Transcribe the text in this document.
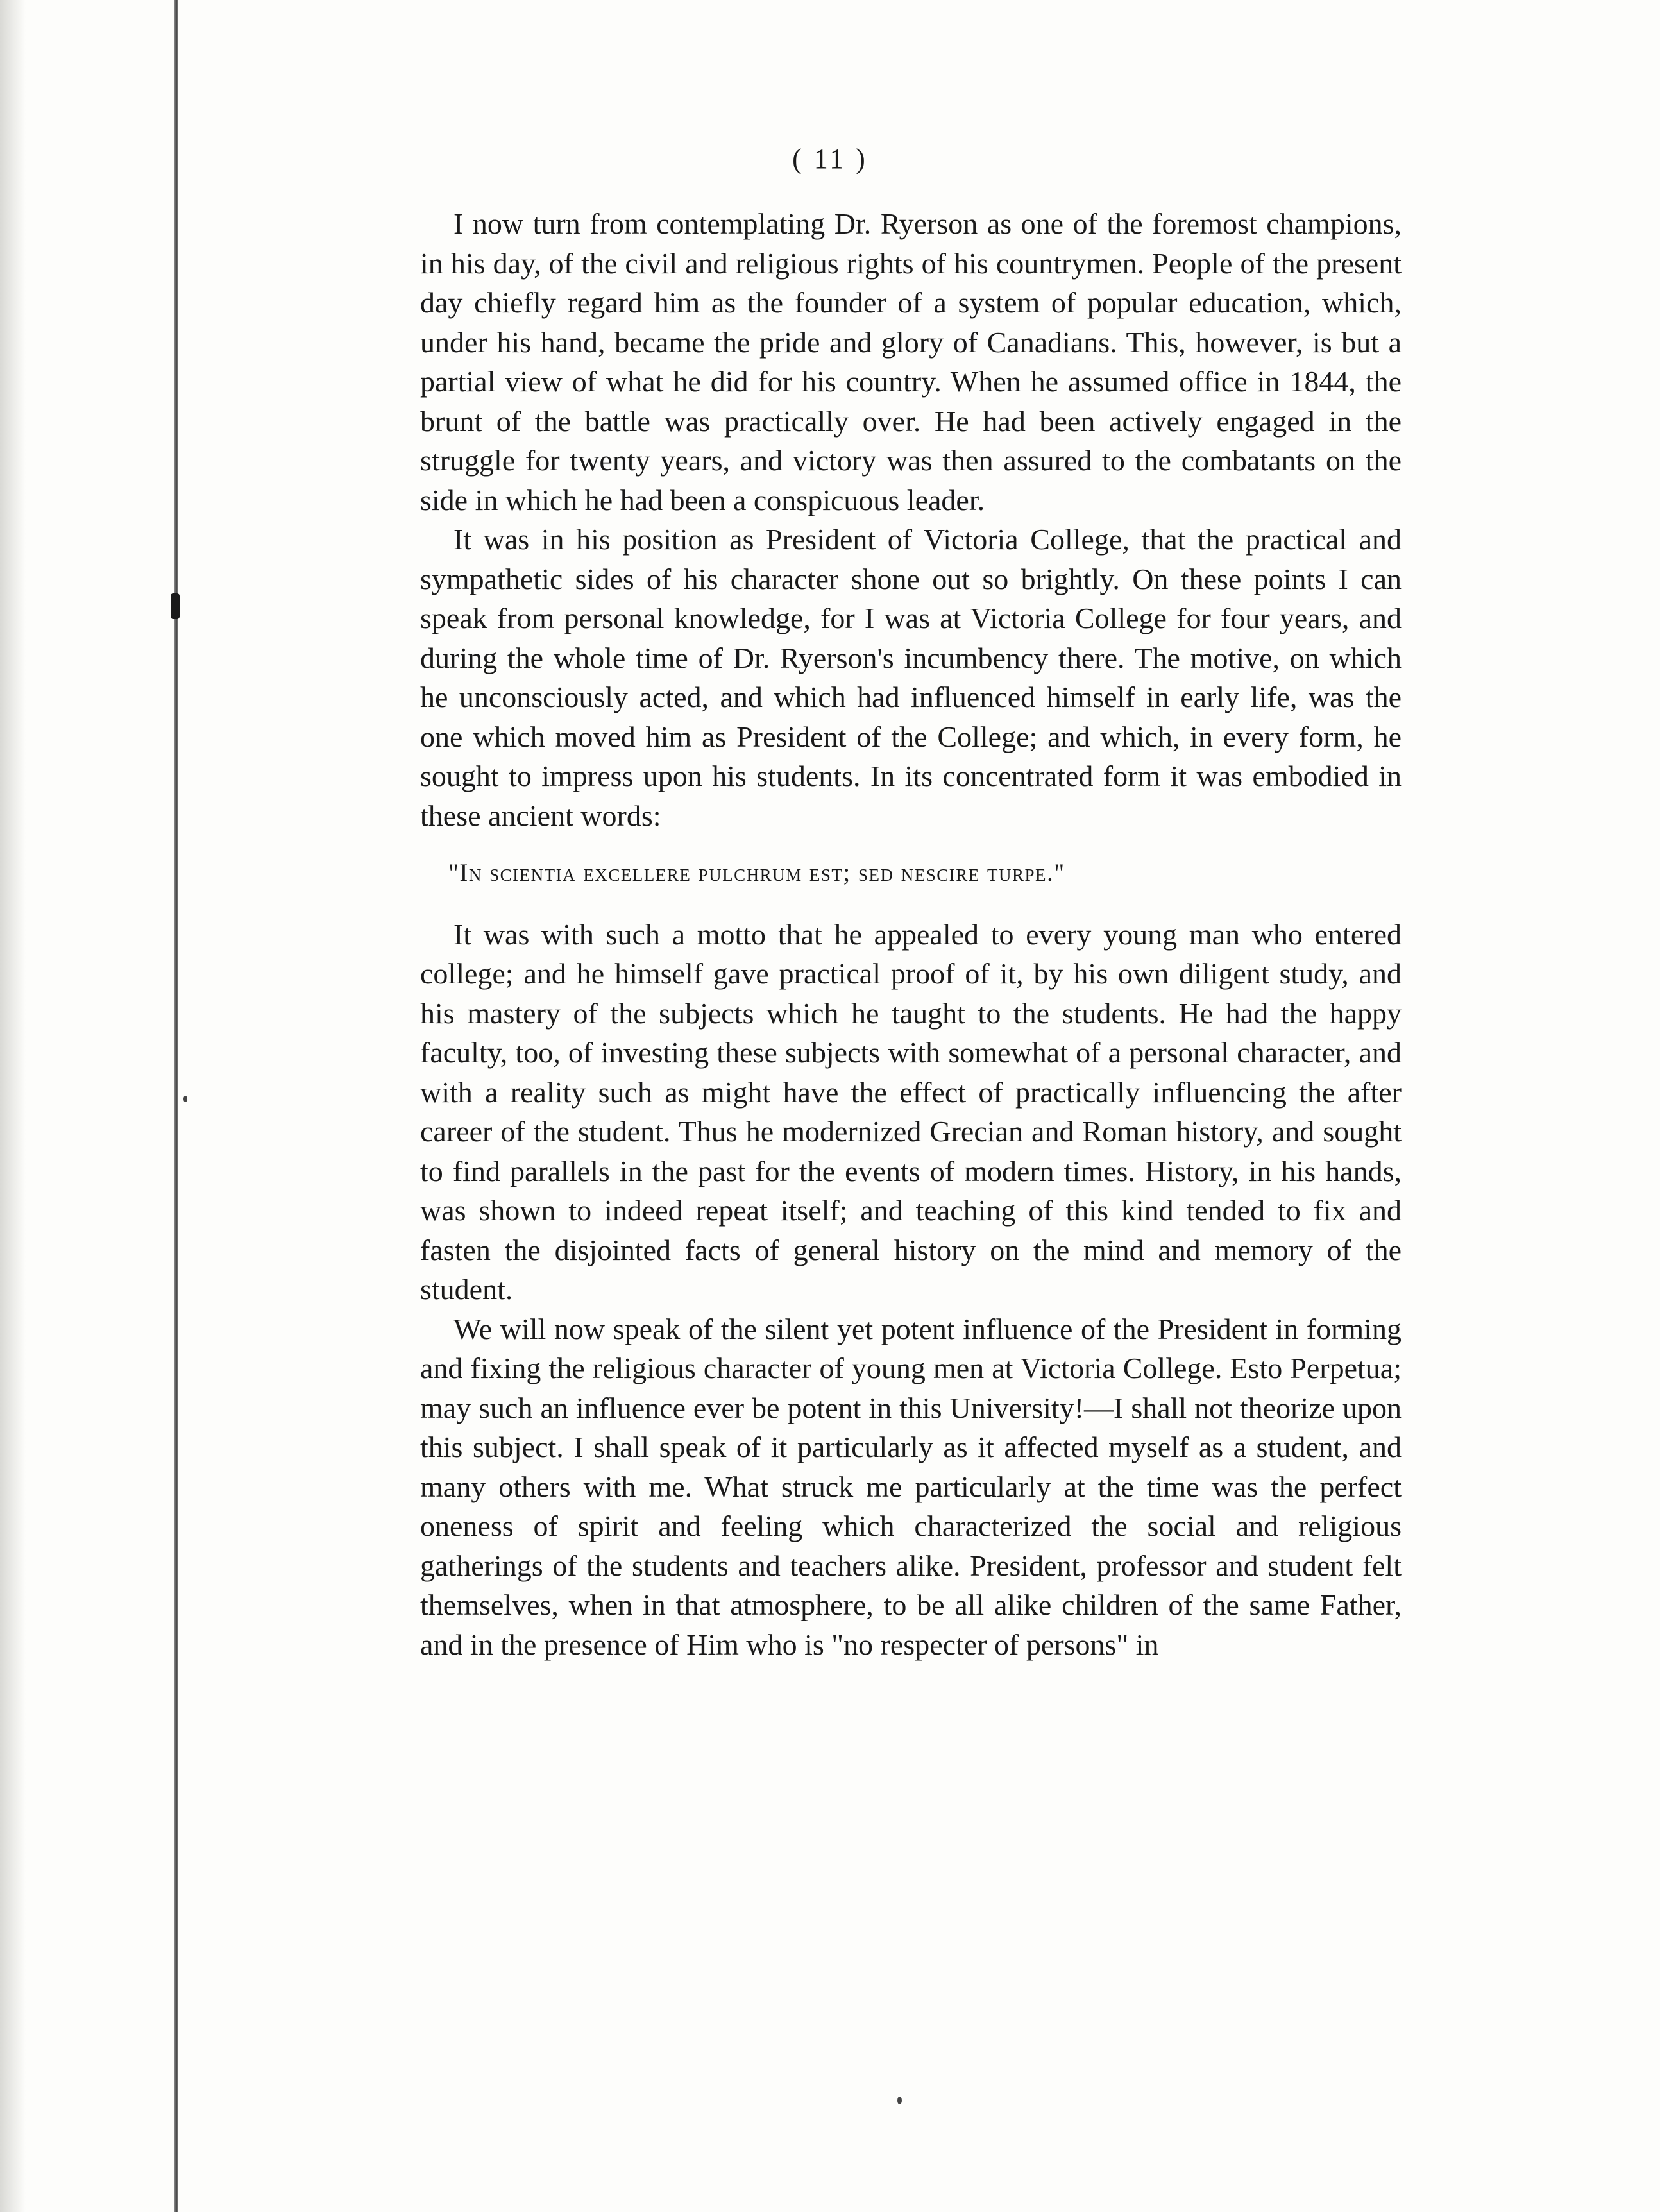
( 11 )

I now turn from contemplating Dr. Ryerson as one of the foremost champions, in his day, of the civil and religious rights of his countrymen. People of the present day chiefly regard him as the founder of a system of popular education, which, under his hand, became the pride and glory of Canadians. This, however, is but a partial view of what he did for his country. When he assumed office in 1844, the brunt of the battle was practically over. He had been actively engaged in the struggle for twenty years, and victory was then assured to the combatants on the side in which he had been a conspicuous leader.

It was in his position as President of Victoria College, that the practical and sympathetic sides of his character shone out so brightly. On these points I can speak from personal knowledge, for I was at Victoria College for four years, and during the whole time of Dr. Ryerson's incumbency there. The motive, on which he unconsciously acted, and which had influenced himself in early life, was the one which moved him as President of the College; and which, in every form, he sought to impress upon his students. In its concentrated form it was embodied in these ancient words:

"In scientia excellere pulchrum est; sed nescire turpe."

It was with such a motto that he appealed to every young man who entered college; and he himself gave practical proof of it, by his own diligent study, and his mastery of the subjects which he taught to the students. He had the happy faculty, too, of investing these subjects with somewhat of a personal character, and with a reality such as might have the effect of practically influencing the after career of the student. Thus he modernized Grecian and Roman history, and sought to find parallels in the past for the events of modern times. History, in his hands, was shown to indeed repeat itself; and teaching of this kind tended to fix and fasten the disjointed facts of general history on the mind and memory of the student.

We will now speak of the silent yet potent influence of the President in forming and fixing the religious character of young men at Victoria College. Esto Perpetua; may such an influence ever be potent in this University!—I shall not theorize upon this subject. I shall speak of it particularly as it affected myself as a student, and many others with me. What struck me particularly at the time was the perfect oneness of spirit and feeling which characterized the social and religious gatherings of the students and teachers alike. President, professor and student felt themselves, when in that atmosphere, to be all alike children of the same Father, and in the presence of Him who is "no respecter of persons" in
